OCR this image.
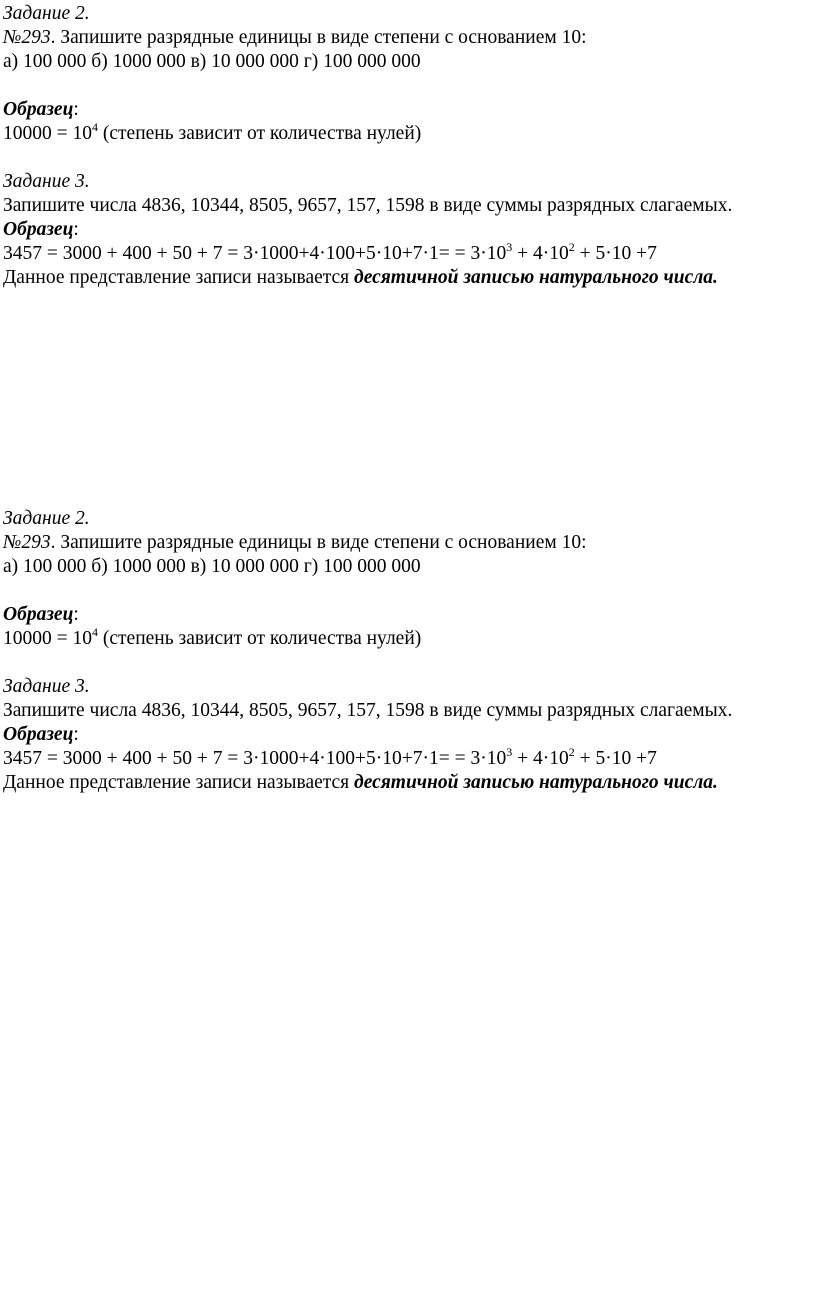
Задание 2.
№293. Запишите разрядные единицы в виде степени с основанием 10:
а) 100 000 б) 1000 000 в) 10 000 000 г) 100 000 000
Образец:
$10000 = 10^4$ (степень зависит от количества нулей)
Задание 3.
Запишите числа 4836, 10344, 8505, 9657, 157, 1598 в виде суммы разрядных слагаемых.
Образец:
$3457 = 3000 + 400 + 50 + 7 = 3\cdot 1000+4\cdot 100+5\cdot 10+7\cdot 1= = 3\cdot 10^3 + 4\cdot 10^2 + 5\cdot 10 +7$
Данное представление записи называется десятичной записью натурального числа.
Задание 2.
№293. Запишите разрядные единицы в виде степени с основанием 10:
а) 100 000 б) 1000 000 в) 10 000 000 г) 100 000 000
Образец:
$10000 = 10^4$ (степень зависит от количества нулей)
Задание 3.
Запишите числа 4836, 10344, 8505, 9657, 157, 1598 в виде суммы разрядных слагаемых.
Образец:
$3457 = 3000 + 400 + 50 + 7 = 3\cdot 1000+4\cdot 100+5\cdot 10+7\cdot 1= = 3\cdot 10^3 + 4\cdot 10^2 + 5\cdot 10 +7$
Данное представление записи называется десятичной записью натурального числа.
